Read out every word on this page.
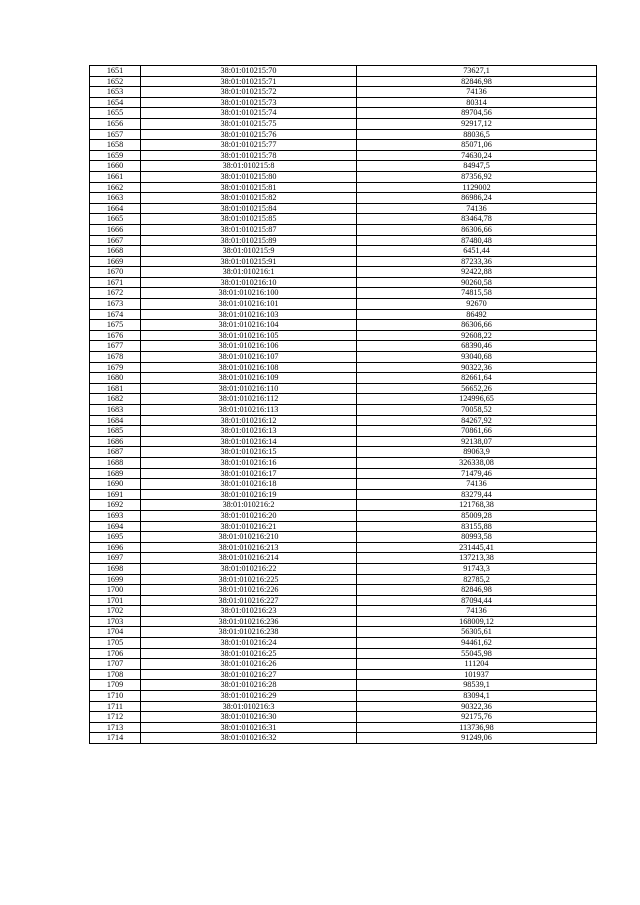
1651	38:01:010215:70	73627,1
1652	38:01:010215:71	82846,98
1653	38:01:010215:72	74136
1654	38:01:010215:73	80314
1655	38:01:010215:74	89704,56
1656	38:01:010215:75	92917,12
1657	38:01:010215:76	88036,5
1658	38:01:010215:77	85071,06
1659	38:01:010215:78	74630,24
1660	38:01:010215:8	84947,5
1661	38:01:010215:80	87356,92
1662	38:01:010215:81	1129002
1663	38:01:010215:82	86986,24
1664	38:01:010215:84	74136
1665	38:01:010215:85	83464,78
1666	38:01:010215:87	86306,66
1667	38:01:010215:89	87480,48
1668	38:01:010215:9	6451,44
1669	38:01:010215:91	87233,36
1670	38:01:010216:1	92422,88
1671	38:01:010216:10	90260,58
1672	38:01:010216:100	74815,58
1673	38:01:010216:101	92670
1674	38:01:010216:103	86492
1675	38:01:010216:104	86306,66
1676	38:01:010216:105	92608,22
1677	38:01:010216:106	68390,46
1678	38:01:010216:107	93040,68
1679	38:01:010216:108	90322,36
1680	38:01:010216:109	82661,64
1681	38:01:010216:110	56652,26
1682	38:01:010216:112	124996,65
1683	38:01:010216:113	70058,52
1684	38:01:010216:12	84267,92
1685	38:01:010216:13	70861,66
1686	38:01:010216:14	92138,07
1687	38:01:010216:15	89063,9
1688	38:01:010216:16	326338,08
1689	38:01:010216:17	71479,46
1690	38:01:010216:18	74136
1691	38:01:010216:19	83279,44
1692	38:01:010216:2	121768,38
1693	38:01:010216:20	85009,28
1694	38:01:010216:21	83155,88
1695	38:01:010216:210	80993,58
1696	38:01:010216:213	231445,41
1697	38:01:010216:214	137213,38
1698	38:01:010216:22	91743,3
1699	38:01:010216:225	82785,2
1700	38:01:010216:226	82846,98
1701	38:01:010216:227	87094,44
1702	38:01:010216:23	74136
1703	38:01:010216:236	168009,12
1704	38:01:010216:238	56305,61
1705	38:01:010216:24	94461,62
1706	38:01:010216:25	55045,98
1707	38:01:010216:26	111204
1708	38:01:010216:27	101937
1709	38:01:010216:28	98539,1
1710	38:01:010216:29	83094,1
1711	38:01:010216:3	90322,36
1712	38:01:010216:30	92175,76
1713	38:01:010216:31	113736,98
1714	38:01:010216:32	91249,06
